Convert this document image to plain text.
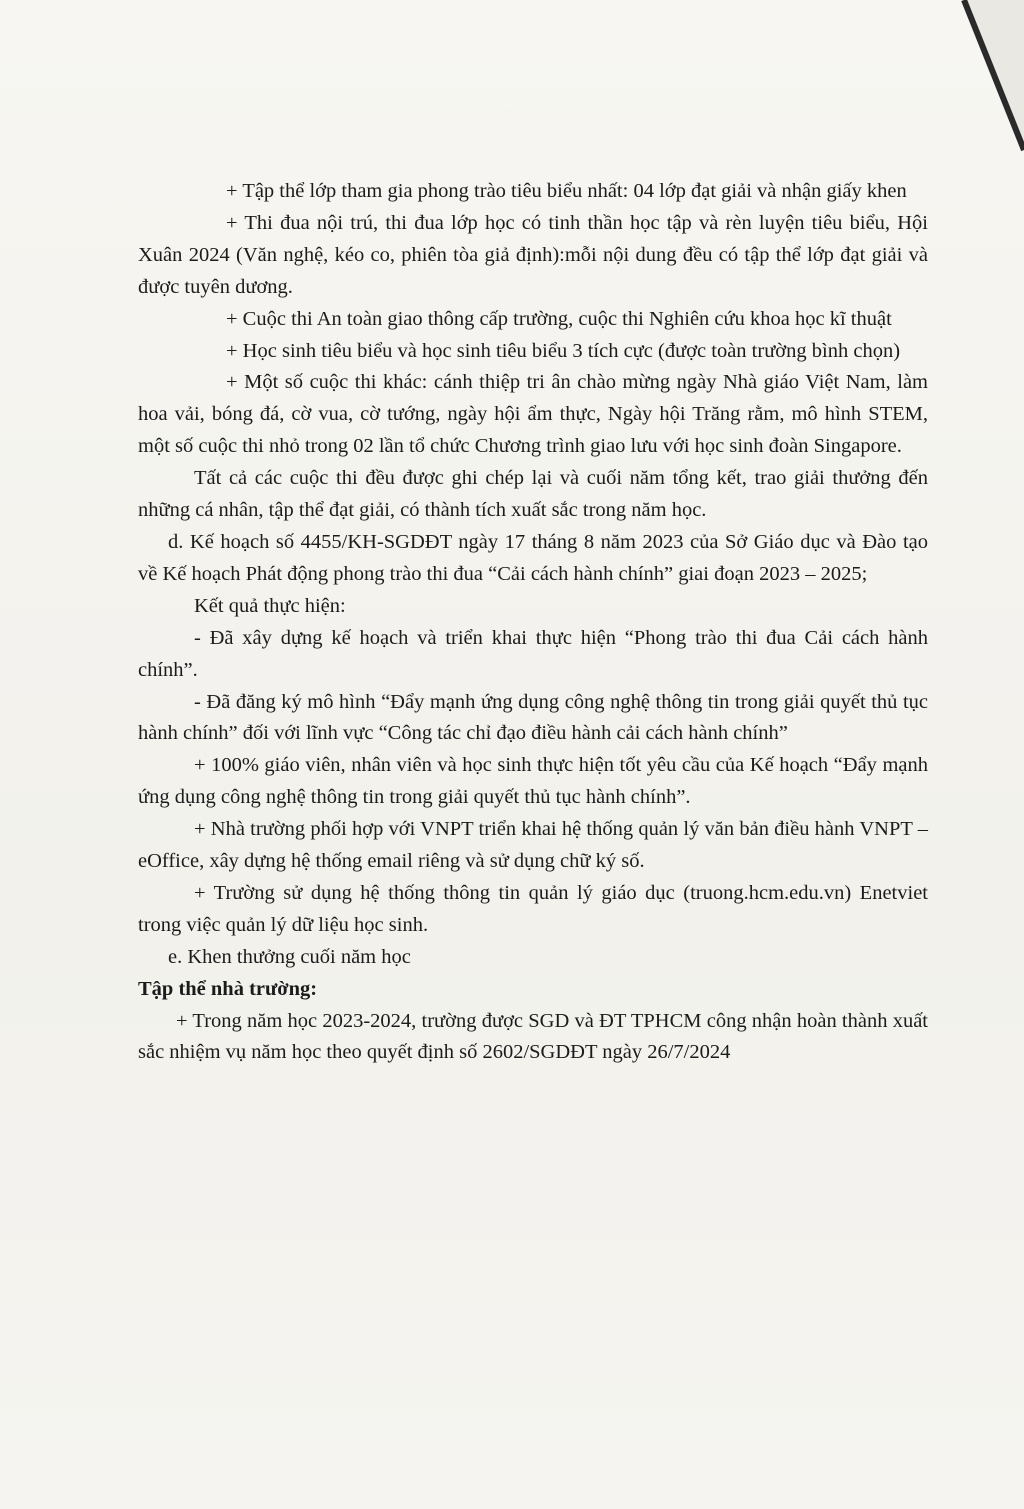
+ Tập thể lớp tham gia phong trào tiêu biểu nhất: 04 lớp đạt giải và nhận giấy khen

+ Thi đua nội trú, thi đua lớp học có tinh thần học tập và rèn luyện tiêu biểu, Hội Xuân 2024 (Văn nghệ, kéo co, phiên tòa giả định):mỗi nội dung đều có tập thể lớp đạt giải và được tuyên dương.

+ Cuộc thi An toàn giao thông cấp trường, cuộc thi Nghiên cứu khoa học kĩ thuật

+ Học sinh tiêu biểu và học sinh tiêu biểu 3 tích cực (được toàn trường bình chọn)

+ Một số cuộc thi khác: cánh thiệp tri ân chào mừng ngày Nhà giáo Việt Nam, làm hoa vải, bóng đá, cờ vua, cờ tướng, ngày hội ẩm thực, Ngày hội Trăng rằm, mô hình STEM, một số cuộc thi nhỏ trong 02 lần tổ chức Chương trình giao lưu với học sinh đoàn Singapore.

Tất cả các cuộc thi đều được ghi chép lại và cuối năm tổng kết, trao giải thưởng đến những cá nhân, tập thể đạt giải, có thành tích xuất sắc trong năm học.

d. Kế hoạch số 4455/KH-SGDĐT ngày 17 tháng 8 năm 2023 của Sở Giáo dục và Đào tạo về Kế hoạch Phát động phong trào thi đua “Cải cách hành chính” giai đoạn 2023 – 2025;

Kết quả thực hiện:

- Đã xây dựng kế hoạch và triển khai thực hiện “Phong trào thi đua Cải cách hành chính”.

- Đã đăng ký mô hình “Đẩy mạnh ứng dụng công nghệ thông tin trong giải quyết thủ tục hành chính” đối với lĩnh vực “Công tác chỉ đạo điều hành cải cách hành chính”

+ 100% giáo viên, nhân viên và học sinh thực hiện tốt yêu cầu của Kế hoạch “Đẩy mạnh ứng dụng công nghệ thông tin trong giải quyết thủ tục hành chính”.

+ Nhà trường phối hợp với VNPT triển khai hệ thống quản lý văn bản điều hành VNPT – eOffice, xây dựng hệ thống email riêng và sử dụng chữ ký số.

+ Trường sử dụng hệ thống thông tin quản lý giáo dục (truong.hcm.edu.vn) Enetviet trong việc quản lý dữ liệu học sinh.

e. Khen thưởng cuối năm học

Tập thể nhà trường:

+ Trong năm học 2023-2024, trường được SGD và ĐT TPHCM công nhận hoàn thành xuất sắc nhiệm vụ năm học theo quyết định số 2602/SGDĐT ngày 26/7/2024
